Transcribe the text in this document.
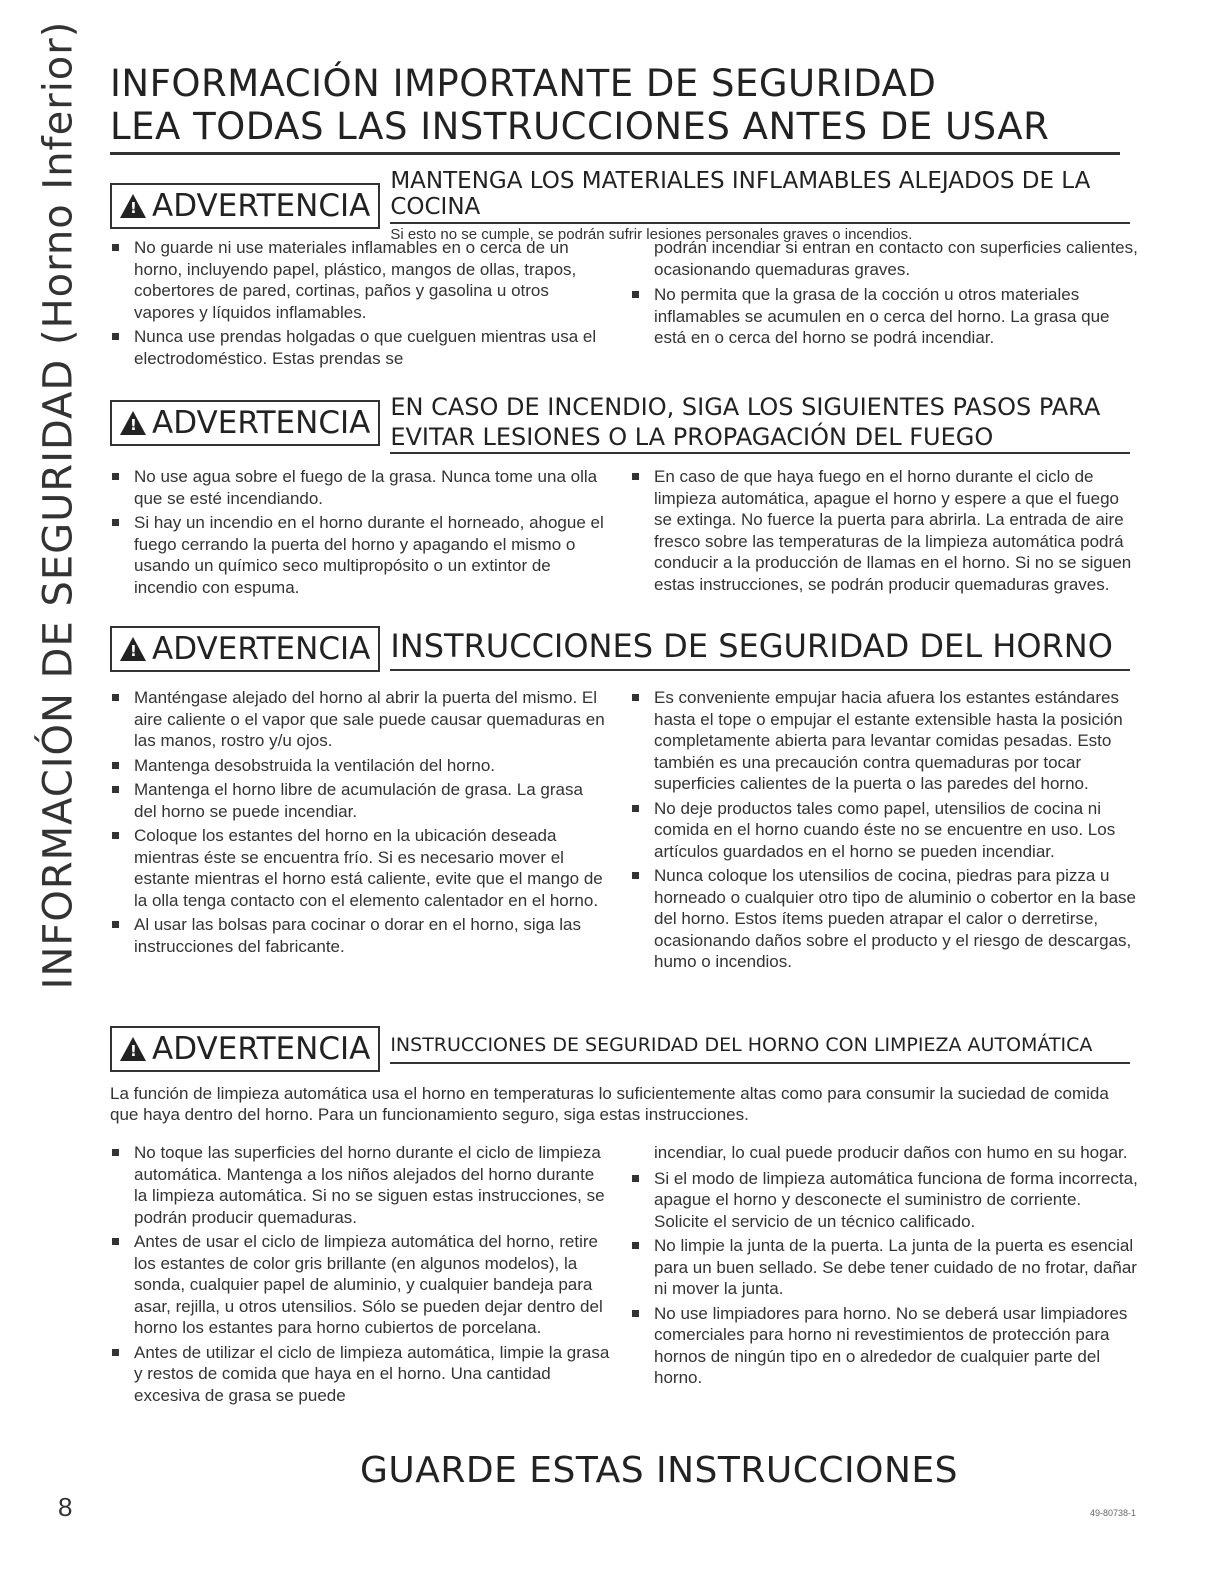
INFORMACIÓN DE SEGURIDAD (Horno Inferior) INFORMACIÓN IMPORTANTE DE SEGURIDAD
LEA TODAS LAS INSTRUCCIONES ANTES DE USAR
!
ADVERTENCIA
MANTENGA LOS MATERIALES INFLAMABLES ALEJADOS DE LA COCINA
Si esto no se cumple, se podrán sufrir lesiones personales graves o incendios.
No guarde ni use materiales inflamables en o cerca de un horno, incluyendo papel, plástico, mangos de ollas, trapos, cobertores de pared, cortinas, paños y gasolina u otros vapores y líquidos inflamables.
Nunca use prendas holgadas o que cuelguen mientras usa el electrodoméstico. Estas prendas se

podrán incendiar si entran en contacto con superficies calientes, ocasionando quemaduras graves.

No permita que la grasa de la cocción u otros materiales inflamables se acumulen en o cerca del horno. La grasa que está en o cerca del horno se podrá incendiar.
!
ADVERTENCIA EN CASO DE INCENDIO, SIGA LOS SIGUIENTES PASOS PARA
EVITAR LESIONES O LA PROPAGACIÓN DEL FUEGO
No use agua sobre el fuego de la grasa. Nunca tome una olla que se esté incendiando.
Si hay un incendio en el horno durante el horneado, ahogue el fuego cerrando la puerta del horno y apagando el mismo o usando un químico seco multipropósito o un extintor de incendio con espuma.
En caso de que haya fuego en el horno durante el ciclo de limpieza automática, apague el horno y espere a que el fuego se extinga. No fuerce la puerta para abrirla. La entrada de aire fresco sobre las temperaturas de la limpieza automática podrá conducir a la producción de llamas en el horno. Si no se siguen estas instrucciones, se podrán producir quemaduras graves.
!
ADVERTENCIA INSTRUCCIONES DE SEGURIDAD DEL HORNO
Manténgase alejado del horno al abrir la puerta del mismo. El aire caliente o el vapor que sale puede causar quemaduras en las manos, rostro y/u ojos.
Mantenga desobstruida la ventilación del horno.
Mantenga el horno libre de acumulación de grasa. La grasa del horno se puede incendiar.
Coloque los estantes del horno en la ubicación deseada mientras éste se encuentra frío. Si es necesario mover el estante mientras el horno está caliente, evite que el mango de la olla tenga contacto con el elemento calentador en el horno.
Al usar las bolsas para cocinar o dorar en el horno, siga las instrucciones del fabricante.
Es conveniente empujar hacia afuera los estantes estándares hasta el tope o empujar el estante extensible hasta la posición completamente abierta para levantar comidas pesadas. Esto también es una precaución contra quemaduras por tocar superficies calientes de la puerta o las paredes del horno.
No deje productos tales como papel, utensilios de cocina ni comida en el horno cuando éste no se encuentre en uso. Los artículos guardados en el horno se pueden incendiar.
Nunca coloque los utensilios de cocina, piedras para pizza u horneado o cualquier otro tipo de aluminio o cobertor en la base del horno. Estos ítems pueden atrapar el calor o derretirse, ocasionando daños sobre el producto y el riesgo de descargas, humo o incendios.
!
ADVERTENCIA INSTRUCCIONES DE SEGURIDAD DEL HORNO CON LIMPIEZA AUTOMÁTICA
La función de limpieza automática usa el horno en temperaturas lo suficientemente altas como para consumir la suciedad de comida que haya dentro del horno. Para un funcionamiento seguro, siga estas instrucciones.
No toque las superficies del horno durante el ciclo de limpieza automática. Mantenga a los niños alejados del horno durante la limpieza automática. Si no se siguen estas instrucciones, se podrán producir quemaduras.
Antes de usar el ciclo de limpieza automática del horno, retire los estantes de color gris brillante (en algunos modelos), la sonda, cualquier papel de aluminio, y cualquier bandeja para asar, rejilla, u otros utensilios. Sólo se pueden dejar dentro del horno los estantes para horno cubiertos de porcelana.
Antes de utilizar el ciclo de limpieza automática, limpie la grasa y restos de comida que haya en el horno. Una cantidad excesiva de grasa se puede

incendiar, lo cual puede producir daños con humo en su hogar.

Si el modo de limpieza automática funciona de forma incorrecta, apague el horno y desconecte el suministro de corriente. Solicite el servicio de un técnico calificado.
No limpie la junta de la puerta. La junta de la puerta es esencial para un buen sellado. Se debe tener cuidado de no frotar, dañar ni mover la junta.
No use limpiadores para horno. No se deberá usar limpiadores comerciales para horno ni revestimientos de protección para hornos de ningún tipo en o alrededor de cualquier parte del horno.
GUARDE ESTAS INSTRUCCIONES
8	49-80738-1
